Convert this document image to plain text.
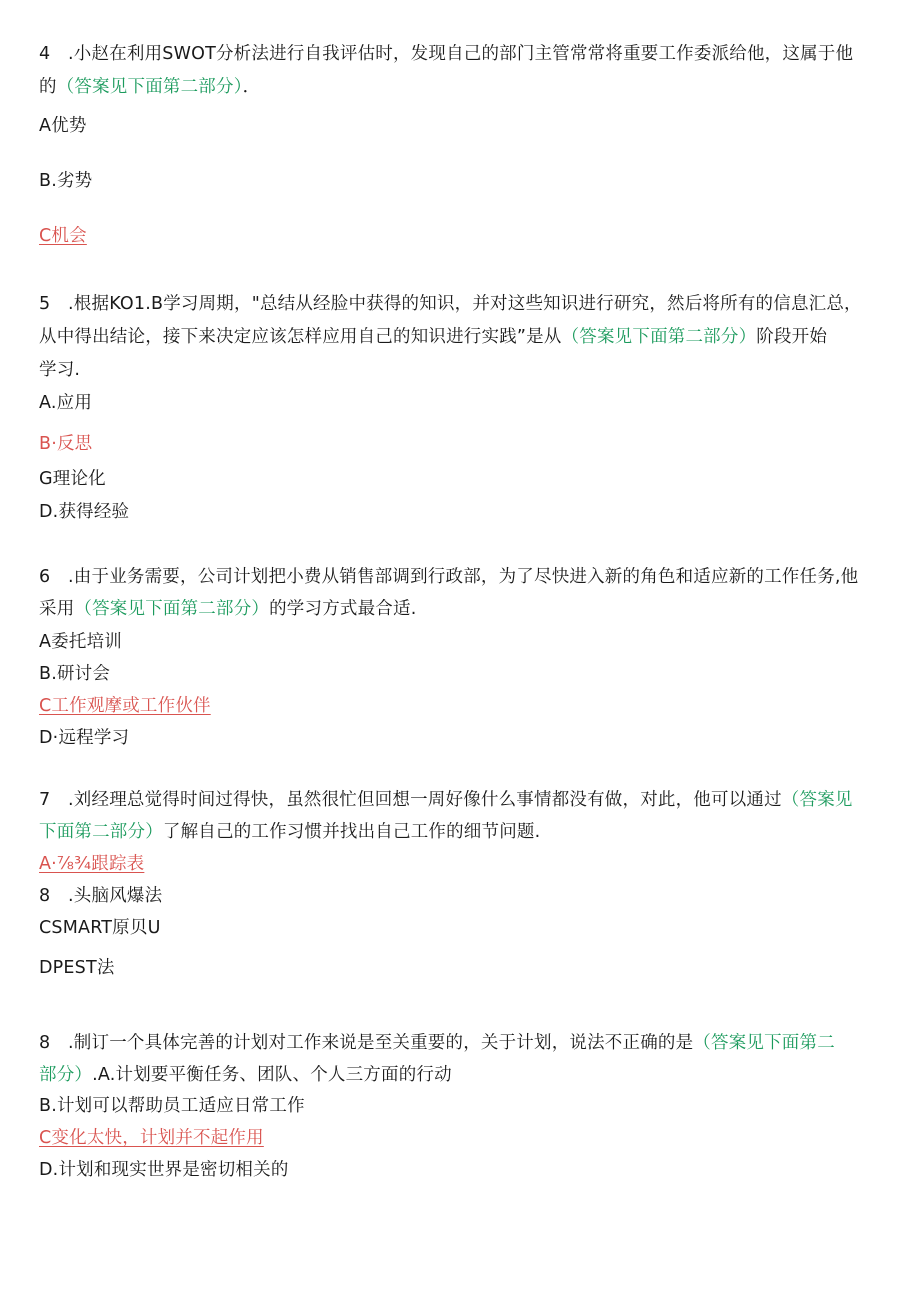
4　.小赵在利用SWOT分析法进行自我评估时，发现自己的部门主管常常将重要工作委派给他，这属于他
的（答案见下面第二部分）．
A优势
B.劣势
C机会
5　.根据KO1.B学习周期，"总结从经脸中获得的知识，并对这些知识进行研究，然后将所有的信息汇总，
从中得出结论，接下来决定应该怎样应用自己的知识进行实践”是从（答案见下面第二部分）阶段开始
学习.
A.应用
B·反思
G理论化
D.获得经验
6　.由于业务需要，公司计划把小费从销售部调到行政部，为了尽快进入新的角色和适应新的工作任务,他
采用（答案见下面第二部分）的学习方式最合适.
A委托培训
B.研讨会
C工作观摩或工作伙伴
D·远程学习
7　.刘经理总觉得时间过得快，虽然很忙但回想一周好像什么事情都没有做，对此，他可以通过（答案见
下面第二部分）了解自己的工作习惯并找出自己工作的细节问题.
A·⅞¾跟踪表
8　.头脑风爆法
CSMART原贝U
DPEST法
8　.制订一个具体完善的计划对工作来说是至关重要的，关于计划，说法不正确的是（答案见下面第二
部分）.A.计划要平衡任务、团队、个人三方面的行动
B.计划可以帮助员工适应日常工作
C变化太快，计划并不起作用
D.计划和现实世界是密切相关的
